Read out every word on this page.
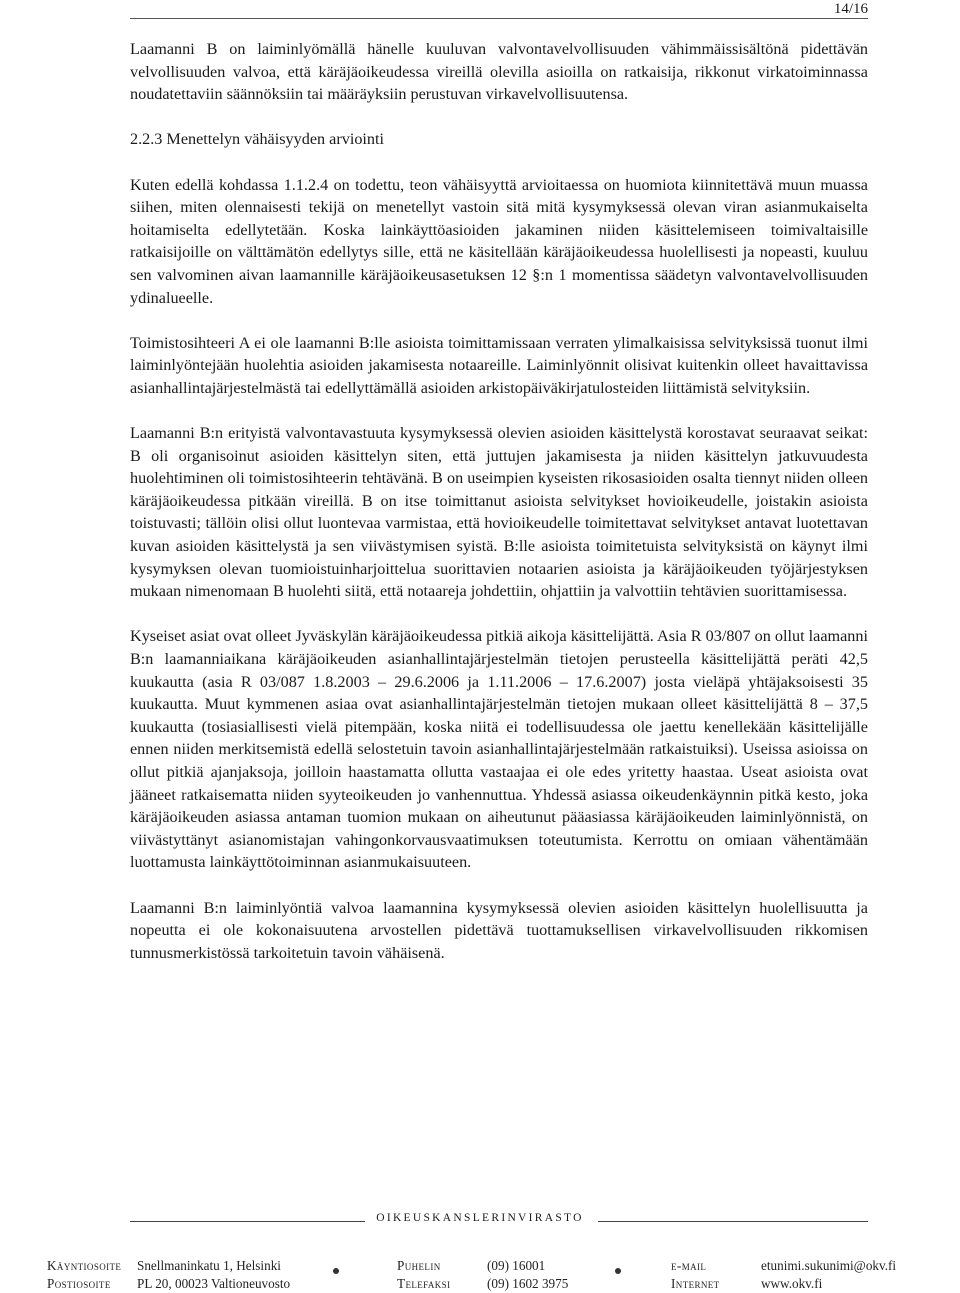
14/16

Laamanni B on laiminlyömällä hänelle kuuluvan valvontavelvollisuuden vähimmäissisältönä pidettävän velvollisuuden valvoa, että käräjäoikeudessa vireillä olevilla asioilla on ratkaisija, rikkonut virkatoiminnassa noudatettaviin säännöksiin tai määräyksiin perustuvan virkavelvollisuutensa.

2.2.3 Menettelyn vähäisyyden arviointi

Kuten edellä kohdassa 1.1.2.4 on todettu, teon vähäisyyttä arvioitaessa on huomiota kiinnitettävä muun muassa siihen, miten olennaisesti tekijä on menetellyt vastoin sitä mitä kysymyksessä olevan viran asianmukaiselta hoitamiselta edellytetään. Koska lainkäyttöasioiden jakaminen niiden käsittelemiseen toimivaltaisille ratkaisijoille on välttämätön edellytys sille, että ne käsitellään käräjäoikeudessa huolellisesti ja nopeasti, kuuluu sen valvominen aivan laamannille käräjäoikeusasetuksen 12 §:n 1 momentissa säädetyn valvontavelvollisuuden ydinalueelle.

Toimistosihteeri A ei ole laamanni B:lle asioista toimittamissaan verraten ylimalkaisissa selvityksissä tuonut ilmi laiminlyöntejään huolehtia asioiden jakamisesta notaareille. Laiminlyönnit olisivat kuitenkin olleet havaittavissa asianhallintajärjestelmästä tai edellyttämällä asioiden arkistopäiväkirjatulosteiden liittämistä selvityksiin.

Laamanni B:n erityistä valvontavastuuta kysymyksessä olevien asioiden käsittelystä korostavat seuraavat seikat: B oli organisoinut asioiden käsittelyn siten, että juttujen jakamisesta ja niiden käsittelyn jatkuvuudesta huolehtiminen oli toimistosihteerin tehtävänä. B on useimpien kyseisten rikosasioiden osalta tiennyt niiden olleen käräjäoikeudessa pitkään vireillä. B on itse toimittanut asioista selvitykset hovioikeudelle, joistakin asioista toistuvasti; tällöin olisi ollut luontevaa varmistaa, että hovioikeudelle toimitettavat selvitykset antavat luotettavan kuvan asioiden käsittelystä ja sen viivästymisen syistä. B:lle asioista toimitetuista selvityksistä on käynyt ilmi kysymyksen olevan tuomioistuinharjoittelua suorittavien notaarien asioista ja käräjäoikeuden työjärjestyksen mukaan nimenomaan B huolehti siitä, että notaareja johdettiin, ohjattiin ja valvottiin tehtävien suorittamisessa.

Kyseiset asiat ovat olleet Jyväskylän käräjäoikeudessa pitkiä aikoja käsittelijättä. Asia R 03/807 on ollut laamanni B:n laamanniaikana käräjäoikeuden asianhallintajärjestelmän tietojen perusteella käsittelijättä peräti 42,5 kuukautta (asia R 03/087 1.8.2003 – 29.6.2006 ja 1.11.2006 – 17.6.2007) josta vieläpä yhtäjaksoisesti 35 kuukautta. Muut kymmenen asiaa ovat asianhallintajärjestelmän tietojen mukaan olleet käsittelijättä 8 – 37,5 kuukautta (tosiasiallisesti vielä pitempään, koska niitä ei todellisuudessa ole jaettu kenellekään käsittelijälle ennen niiden merkitsemistä edellä selostetuin tavoin asianhallintajärjestelmään ratkaistuiksi). Useissa asioissa on ollut pitkiä ajanjaksoja, joilloin haastamatta ollutta vastaajaa ei ole edes yritetty haastaa. Useat asioista ovat jääneet ratkaisematta niiden syyteoikeuden jo vanhennuttua. Yhdessä asiassa oikeudenkäynnin pitkä kesto, joka käräjäoikeuden asiassa antaman tuomion mukaan on aiheutunut pääasiassa käräjäoikeuden laiminlyönnistä, on viivästyttänyt asianomistajan vahingonkorvausvaatimuksen toteutumista. Kerrottu on omiaan vähentämään luottamusta lainkäyttötoiminnan asianmukaisuuteen.

Laamanni B:n laiminlyöntiä valvoa laamannina kysymyksessä olevien asioiden käsittelyn huolellisuutta ja nopeutta ei ole kokonaisuutena arvostellen pidettävä tuottamuksellisen virkavelvollisuuden rikkomisen tunnusmerkistössä tarkoitetuin tavoin vähäisenä.

OIKEUSKANSLERINVIRASTO
Käyntiosoite
Postiosoite
Snellmaninkatu 1, Helsinki
PL 20, 00023 Valtioneuvosto
Puhelin
Telefaksi
(09) 16001
(09) 1602 3975
e-mail
Internet
etunimi.sukunimi@okv.fi
www.okv.fi
